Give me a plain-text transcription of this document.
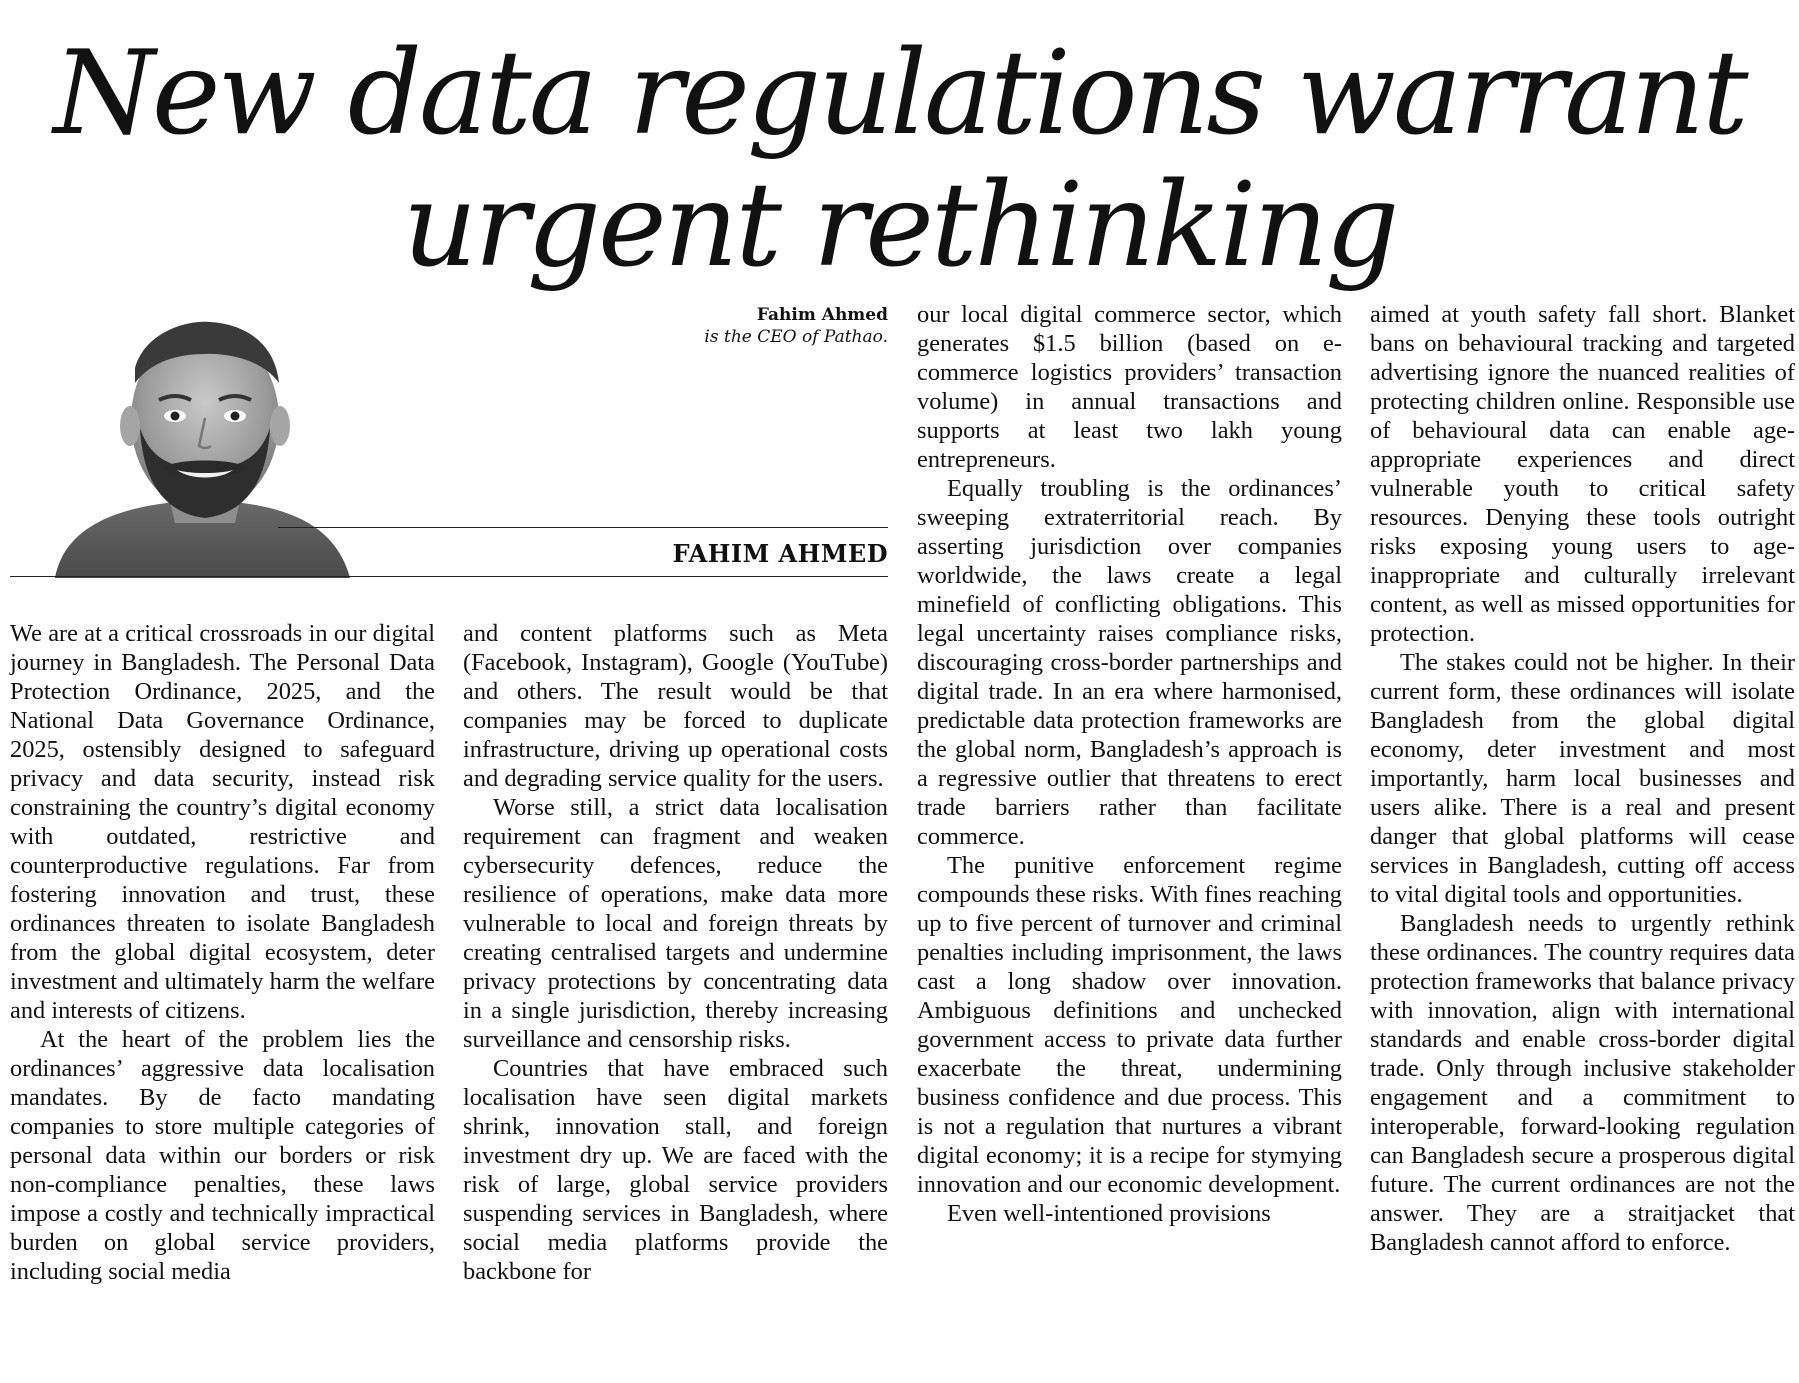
New data regulations warrant
urgent rethinking
Fahim Ahmed
is the CEO of Pathao.
FAHIM AHMED

We are at a critical crossroads in our digital journey in Bangladesh. The Personal Data Protection Ordinance, 2025, and the National Data Governance Ordinance, 2025, ostensibly designed to safeguard privacy and data security, instead risk constraining the country’s digital economy with outdated, restrictive and counterproductive regulations. Far from fostering innovation and trust, these ordinances threaten to isolate Bangladesh from the global digital ecosystem, deter investment and ultimately harm the welfare and interests of citizens.

At the heart of the problem lies the ordinances’ aggressive data localisation mandates. By de facto mandating companies to store multiple categories of personal data within our borders or risk non-compliance penalties, these laws impose a costly and technically impractical burden on global service providers, including social media

and content platforms such as Meta (Facebook, Instagram), Google (YouTube) and others. The result would be that companies may be forced to duplicate infrastructure, driving up operational costs and degrading service quality for the users.

Worse still, a strict data localisation requirement can fragment and weaken cybersecurity defences, reduce the resilience of operations, make data more vulnerable to local and foreign threats by creating centralised targets and undermine privacy protections by concentrating data in a single jurisdiction, thereby increasing surveillance and censorship risks.

Countries that have embraced such localisation have seen digital markets shrink, innovation stall, and foreign investment dry up. We are faced with the risk of large, global service providers suspending services in Bangladesh, where social media platforms provide the backbone for

our local digital commerce sector, which generates $1.5 billion (based on e-commerce logistics providers’ transaction volume) in annual transactions and supports at least two lakh young entrepreneurs.

Equally troubling is the ordinances’ sweeping extraterritorial reach. By asserting jurisdiction over companies worldwide, the laws create a legal minefield of conflicting obligations. This legal uncertainty raises compliance risks, discouraging cross-border partnerships and digital trade. In an era where harmonised, predictable data protection frameworks are the global norm, Bangladesh’s approach is a regressive outlier that threatens to erect trade barriers rather than facilitate commerce.

The punitive enforcement regime compounds these risks. With fines reaching up to five percent of turnover and criminal penalties including imprisonment, the laws cast a long shadow over innovation. Ambiguous definitions and unchecked government access to private data further exacerbate the threat, undermining business confidence and due process. This is not a regulation that nurtures a vibrant digital economy; it is a recipe for stymying innovation and our economic development.

Even well-intentioned provisions

aimed at youth safety fall short. Blanket bans on behavioural tracking and targeted advertising ignore the nuanced realities of protecting children online. Responsible use of behavioural data can enable age-appropriate experiences and direct vulnerable youth to critical safety resources. Denying these tools outright risks exposing young users to age-inappropriate and culturally irrelevant content, as well as missed opportunities for protection.

The stakes could not be higher. In their current form, these ordinances will isolate Bangladesh from the global digital economy, deter investment and most importantly, harm local businesses and users alike. There is a real and present danger that global platforms will cease services in Bangladesh, cutting off access to vital digital tools and opportunities.

Bangladesh needs to urgently rethink these ordinances. The country requires data protection frameworks that balance privacy with innovation, align with international standards and enable cross-border digital trade. Only through inclusive stakeholder engagement and a commitment to interoperable, forward-looking regulation can Bangladesh secure a prosperous digital future. The current ordinances are not the answer. They are a straitjacket that Bangladesh cannot afford to enforce.
